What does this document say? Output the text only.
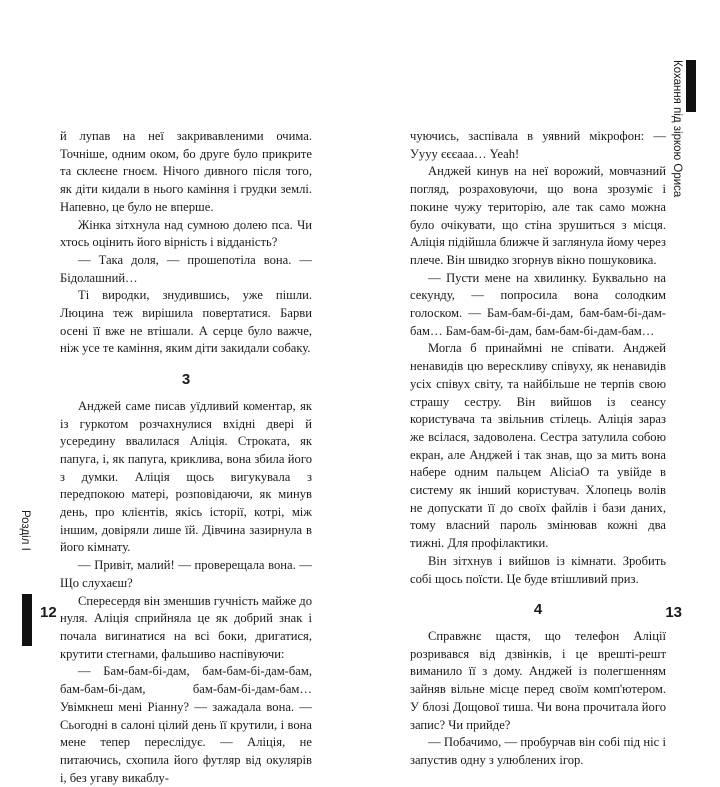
Розділ I

й лупав на неї закривавленими очима. Точніше, одним оком, бо друге було прикрите та склеєне гноєм. Нічого дивного після того, як діти кидали в нього каміння і грудки землі. Напевно, це було не вперше.

Жінка зітхнула над сумною долею пса. Чи хтось оцінить його вірність і відданість?

— Така доля, — прошепотіла вона. — Бідолашний…

Ті виродки, знудившись, уже пішли. Люцина теж вирішила повертатися. Барви осені її вже не втішали. А серце було важче, ніж усе те каміння, яким діти закидали собаку.

3

Анджей саме писав уїдливий коментар, як із гуркотом розчахнулися вхідні двері й усередину ввалилася Аліція. Строката, як папуга, і, як папуга, криклива, вона збила його з думки. Аліція щось вигукувала з передпокою матері, розповідаючи, як минув день, про клієнтів, якісь історії, котрі, між іншим, довіряли лише їй. Дівчина зазирнула в його кімнату.

— Привіт, малий! — проверещала вона. — Що слухаєш?

Спересердя він зменшив гучність майже до нуля. Аліція сприйняла це як добрий знак і почала вигинатися на всі боки, дригатися, крутити стегнами, фальшиво наспівуючи:

— Бам-бам-бі-дам, бам-бам-бі-дам-бам, бам-бам-бі-дам, бам-бам-бі-дам-бам… Увімкнеш мені Ріанну? — зажадала вона. — Сьогодні в салоні цілий день її крутили, і вона мене тепер переслідує. — Аліція, не питаючись, схопила його футляр від окулярів і, без угаву викаблу-

12

чуючись, заспівала в уявний мікрофон: — Уууу єєєааа… Yeah!

Анджей кинув на неї ворожий, мовчазний погляд, розраховуючи, що вона зрозуміє і покине чужу територію, але так само можна було очікувати, що стіна зрушиться з місця. Аліція підійшла ближче й заглянула йому через плече. Він швидко згорнув вікно пошуковика.

— Пусти мене на хвилинку. Буквально на секунду, — попросила вона солодким голоском. — Бам-бам-бі-дам, бам-бам-бі-дам-бам… Бам-бам-бі-дам, бам-бам-бі-дам-бам…

Могла б принаймні не співати. Анджей ненавидів цю верескливу співуху, як ненавидів усіх співух світу, та найбільше не терпів свою страшу сестру. Він вийшов із сеансу користувача та звільнив стілець. Аліція зараз же всілася, задоволена. Сестра затулила собою екран, але Анджей і так знав, що за мить вона набере одним пальцем AliciaO та увійде в систему як інший користувач. Хлопець волів не допускати її до своїх файлів і бази даних, тому власний пароль змінював кожні два тижні. Для профілактики.

Він зітхнув і вийшов із кімнати. Зробить собі щось поїсти. Це буде втішливий приз.

4

Справжнє щастя, що телефон Аліції розривався від дзвінків, і це врешті-решт виманило її з дому. Анджей із полегшенням зайняв вільне місце перед своїм комп'ютером. У блозі Дощової тиша. Чи вона прочитала його запис? Чи прийде?

— Побачимо, — пробурчав він собі під ніс і запустив одну з улюблених ігор.

13
Кохання під зіркою Ориса
